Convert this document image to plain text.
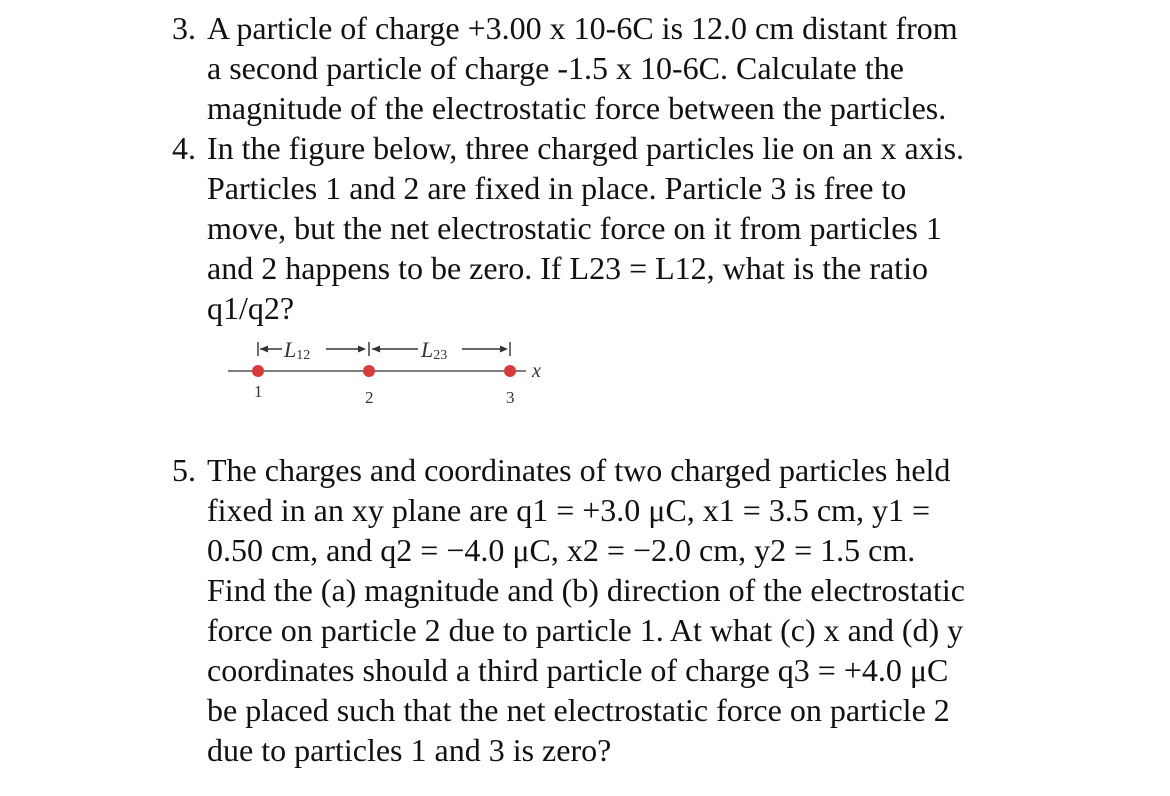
3. A particle of charge +3.00 x 10-6C is 12.0 cm distant from
a second particle of charge -1.5 x 10-6C. Calculate the
magnitude of the electrostatic force between the particles.
4. In the figure below, three charged particles lie on an x axis.
Particles 1 and 2 are fixed in place. Particle 3 is free to
move, but the net electrostatic force on it from particles 1
and 2 happens to be zero. If L23 = L12, what is the ratio
q1/q2?
L12	L23
x
1	2	3
5. The charges and coordinates of two charged particles held
fixed in an xy plane are q1 = +3.0 μC, x1 = 3.5 cm, y1 =
0.50 cm, and q2 = −4.0 μC, x2 = −2.0 cm, y2 = 1.5 cm.
Find the (a) magnitude and (b) direction of the electrostatic
force on particle 2 due to particle 1. At what (c) x and (d) y
coordinates should a third particle of charge q3 = +4.0 μC
be placed such that the net electrostatic force on particle 2
due to particles 1 and 3 is zero?
